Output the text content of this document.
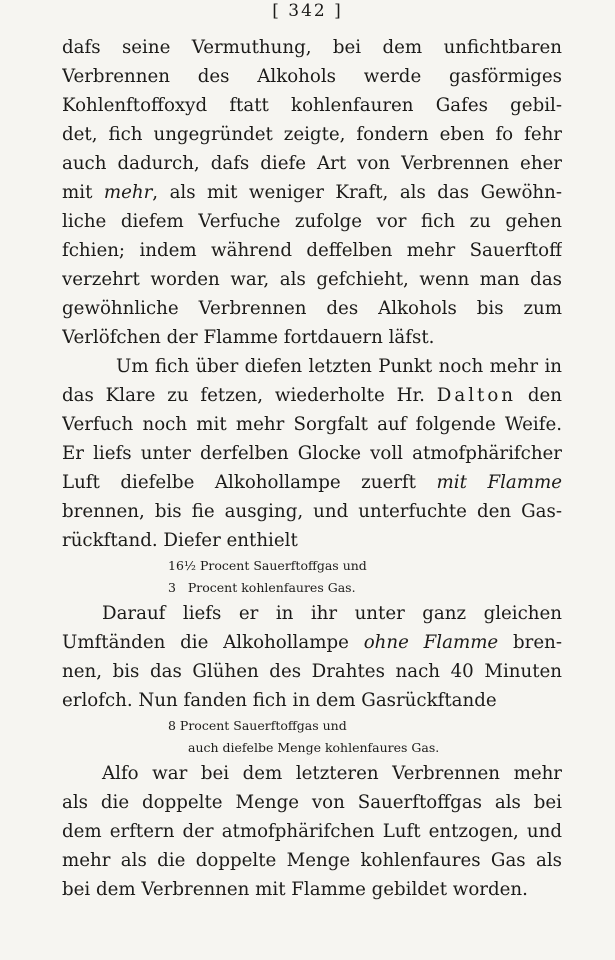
[ 342 ]
dafs seine Vermuthung, bei dem unfichtbaren
Verbrennen des Alkohols werde gasförmiges
Kohlenftoffoxyd ftatt kohlenfauren Gafes gebil-
det, fich ungegründet zeigte, fondern eben fo fehr
auch dadurch, dafs diefe Art von Verbrennen eher
mit mehr, als mit weniger Kraft, als das Gewöhn-
liche diefem Verfuche zufolge vor fich zu gehen
fchien; indem während deffelben mehr Sauerftoff
verzehrt worden war, als gefchieht, wenn man das
gewöhnliche Verbrennen des Alkohols bis zum
Verlöfchen der Flamme fortdauern läfst.
Um fich über diefen letzten Punkt noch mehr in
das Klare zu fetzen, wiederholte Hr. Dalton den
Verfuch noch mit mehr Sorgfalt auf folgende Weife.
Er liefs unter derfelben Glocke voll atmofphärifcher
Luft diefelbe Alkohollampe zuerft mit Flamme
brennen, bis fie ausging, und unterfuchte den Gas-
rückftand. Diefer enthielt
16½ Procent Sauerftoffgas und
3   Procent kohlenfaures Gas.
Darauf liefs er in ihr unter ganz gleichen
Umftänden die Alkohollampe ohne Flamme bren-
nen, bis das Glühen des Drahtes nach 40 Minuten
erlofch. Nun fanden fich in dem Gasrückftande
8 Procent Sauerftoffgas und
auch diefelbe Menge kohlenfaures Gas.
Alfo war bei dem letzteren Verbrennen mehr
als die doppelte Menge von Sauerftoffgas als bei
dem erftern der atmofphärifchen Luft entzogen, und
mehr als die doppelte Menge kohlenfaures Gas als
bei dem Verbrennen mit Flamme gebildet worden.
